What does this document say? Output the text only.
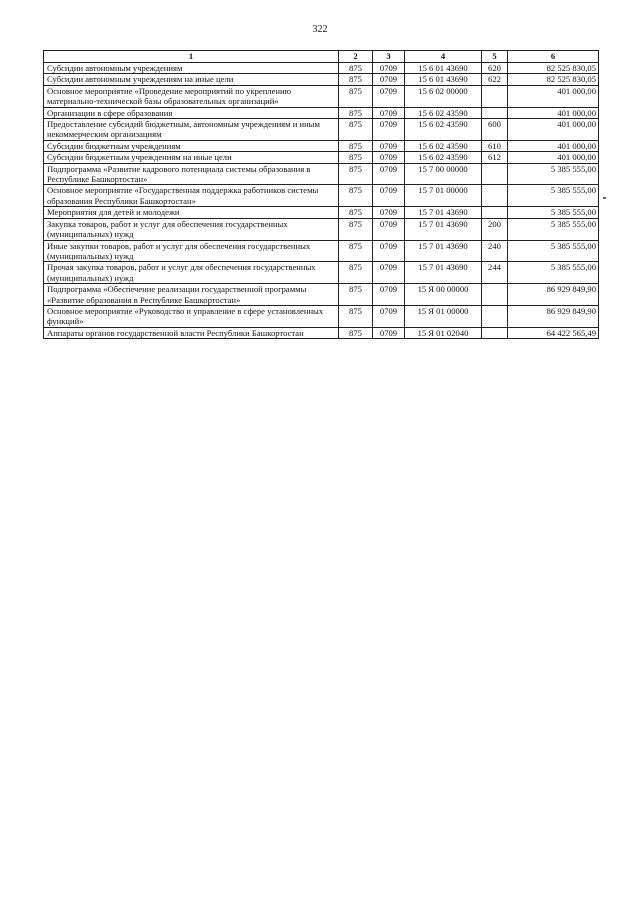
322
1	2	3	4	5	6
Субсидии автономным учреждениям	875	0709	15 6 01 43690	620	82 525 830,05
Субсидии автономным учреждениям на иные цели	875	0709	15 6 01 43690	622	82 525 830,05
Основное мероприятие «Проведение мероприятий по укреплению материально-технической базы образовательных организаций»	875	0709	15 6 02 00000		401 000,00
Организации в сфере образования	875	0709	15 6 02 43590		401 000,00
Предоставление субсидий бюджетным, автономным учреждениям и иным некоммерческим организациям	875	0709	15 6 02 43590	600	401 000,00
Субсидии бюджетным учреждениям	875	0709	15 6 02 43590	610	401 000,00
Субсидии бюджетным учреждениям на иные цели	875	0709	15 6 02 43590	612	401 000,00
Подпрограмма «Развитие кадрового потенциала системы образования в Республике Башкортостан»	875	0709	15 7 00 00000		5 385 555,00
Основное мероприятие «Государственная поддержка работников системы образования Республики Башкортостан»	875	0709	15 7 01 00000		5 385 555,00
Мероприятия для детей и молодежи	875	0709	15 7 01 43690		5 385 555,00
Закупка товаров, работ и услуг для обеспечения государственных (муниципальных) нужд	875	0709	15 7 01 43690	200	5 385 555,00
Иные закупки товаров, работ и услуг для обеспечения государственных (муниципальных) нужд	875	0709	15 7 01 43690	240	5 385 555,00
Прочая закупка товаров, работ и услуг для обеспечения государственных (муниципальных) нужд	875	0709	15 7 01 43690	244	5 385 555,00
Подпрограмма «Обеспечение реализации государственной программы «Развитие образования в Республике Башкортостан»	875	0709	15 Я 00 00000		86 929 849,90
Основное мероприятие «Руководство и управление в сфере установленных функций»	875	0709	15 Я 01 00000		86 929 849,90
Аппараты органов государственной власти Республики Башкортостан	875	0709	15 Я 01 02040		64 422 565,49
